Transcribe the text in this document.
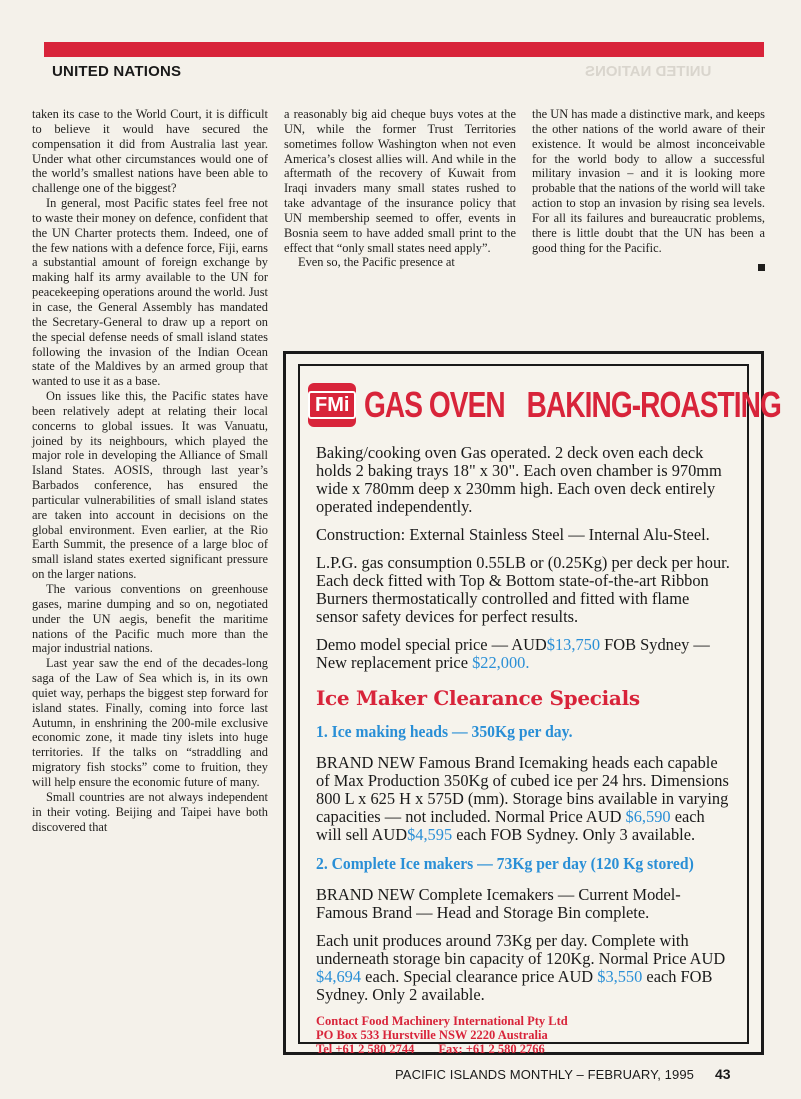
UNITED NATIONS	UNITED NATIONS

taken its case to the World Court, it is difficult to believe it would have secured the compensation it did from Australia last year. Under what other circumstances would one of the world’s smallest nations have been able to challenge one of the biggest?

In general, most Pacific states feel free not to waste their money on defence, confident that the UN Charter protects them. Indeed, one of the few nations with a defence force, Fiji, earns a substantial amount of foreign exchange by making half its army available to the UN for peacekeeping operations around the world. Just in case, the General Assembly has mandated the Secretary-General to draw up a report on the special defense needs of small island states following the invasion of the Indian Ocean state of the Maldives by an armed group that wanted to use it as a base.

On issues like this, the Pacific states have been relatively adept at relating their local concerns to global issues. It was Vanuatu, joined by its neighbours, which played the major role in developing the Alliance of Small Island States. AOSIS, through last year’s Barbados conference, has ensured the particular vulnerabilities of small island states are taken into account in decisions on the global environment. Even earlier, at the Rio Earth Summit, the presence of a large bloc of small island states exerted significant pressure on the larger nations.

The various conventions on greenhouse gases, marine dumping and so on, negotiated under the UN aegis, benefit the maritime nations of the Pacific much more than the major industrial nations.

Last year saw the end of the decades-long saga of the Law of Sea which is, in its own quiet way, perhaps the biggest step forward for island states. Finally, coming into force last Autumn, in enshrining the 200-mile exclusive economic zone, it made tiny islets into huge territories. If the talks on “straddling and migratory fish stocks” come to fruition, they will help ensure the economic future of many.

Small countries are not always independent in their voting. Beijing and Taipei have both discovered that

a reasonably big aid cheque buys votes at the UN, while the former Trust Territories sometimes follow Washington when not even America’s closest allies will. And while in the aftermath of the recovery of Kuwait from Iraqi invaders many small states rushed to take advantage of the insurance policy that UN membership seemed to offer, events in Bosnia seem to have added small print to the effect that “only small states need apply”.

Even so, the Pacific presence at

the UN has made a distinctive mark, and keeps the other nations of the world aware of their existence. It would be almost inconceivable for the world body to allow a successful military invasion – and it is looking more probable that the nations of the world will take action to stop an invasion by rising sea levels. For all its failures and bureaucratic problems, there is little doubt that the UN has been a good thing for the Pacific.

FMi GAS OVEN BAKING-ROASTING

Baking/cooking oven Gas operated. 2 deck oven each deck holds 2 baking trays 18" x 30". Each oven chamber is 970mm wide x 780mm deep x 230mm high. Each oven deck entirely operated independently.

Construction: External Stainless Steel — Internal Alu-Steel.

L.P.G. gas consumption 0.55LB or (0.25Kg) per deck per hour. Each deck fitted with Top & Bottom state-of-the-art Ribbon Burners thermostatically controlled and fitted with flame sensor safety devices for perfect results.

Demo model special price — AUD$13,750 FOB Sydney — New replacement price $22,000.

Ice Maker Clearance Specials
1. Ice making heads — 350Kg per day.

BRAND NEW Famous Brand Icemaking heads each capable of Max Production 350Kg of cubed ice per 24 hrs. Dimensions 800 L x 625 H x 575D (mm). Storage bins available in varying capacities — not included. Normal Price AUD $6,590 each will sell AUD$4,595 each FOB Sydney. Only 3 available.

2. Complete Ice makers — 73Kg per day (120 Kg stored)

BRAND NEW Complete Icemakers — Current Model-Famous Brand — Head and Storage Bin complete.

Each unit produces around 73Kg per day. Complete with underneath storage bin capacity of 120Kg. Normal Price AUD $4,694 each. Special clearance price AUD $3,550 each FOB Sydney. Only 2 available.

Contact Food Machinery International Pty Ltd
PO Box 533 Hurstville NSW 2220 Australia
Tel +61 2 580 2744 Fax: +61 2 580 2766
PACIFIC ISLANDS MONTHLY – FEBRUARY, 1995 43
